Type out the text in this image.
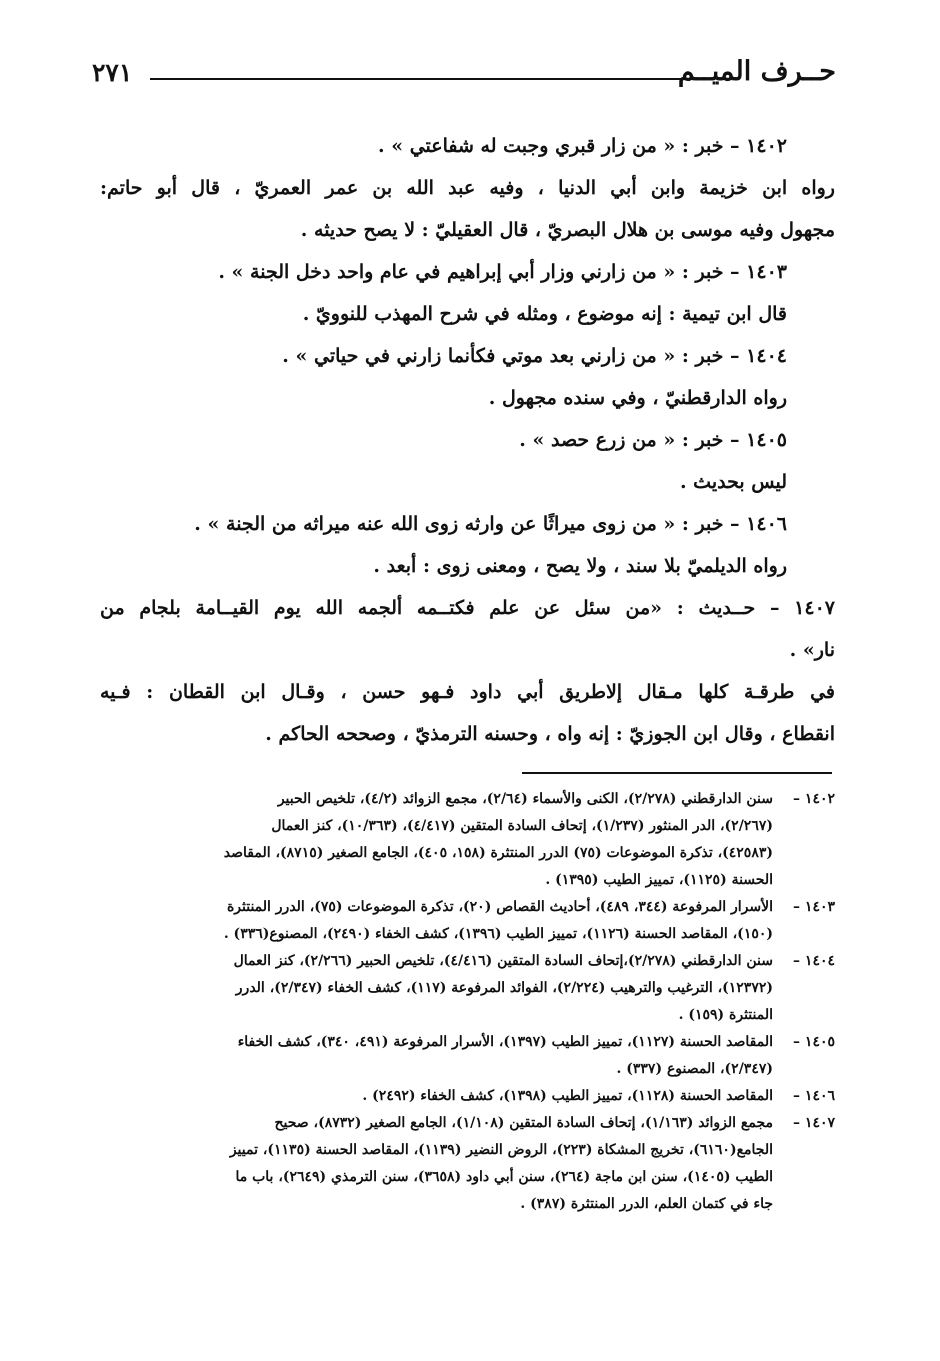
حــرف الميــم
٢٧١
١٤٠٢ – خبر : « من زار قبري وجبت له شفاعتي » .
رواه ابن خزيمة وابن أبي الدنيا ، وفيه عبد الله بن عمر العمريّ ، قال أبو حاتم:
مجهول وفيه موسى بن هلال البصريّ ، قال العقيليّ : لا يصح حديثه .
١٤٠٣ – خبر : « من زارني وزار أبي إبراهيم في عام واحد دخل الجنة » .
قال ابن تيمية : إنه موضوع ، ومثله في شرح المهذب للنوويّ .
١٤٠٤ – خبر : « من زارني بعد موتي فكأنما زارني في حياتي » .
رواه الدارقطنيّ ، وفي سنده مجهول .
١٤٠٥ – خبر : « من زرع حصد » .
ليس بحديث .
١٤٠٦ – خبر : « من زوى ميراثًا عن وارثه زوى الله عنه ميراثه من الجنة » .
رواه الديلميّ بلا سند ، ولا يصح ، ومعنى زوى : أبعد .
١٤٠٧ – حــديث : «من سئل عن علم فكتــمه ألجمه الله يوم القيــامة بلجام من
نار» .
في طرقـة كلها مـقال إلاطريق أبي داود فـهو حسن ، وقـال ابن القطان : فـيه
انقطاع ، وقال ابن الجوزيّ : إنه واه ، وحسنه الترمذيّ ، وصححه الحاكم .
١٤٠٢ –
سنن الدارقطني (٢/٢٧٨)، الكنى والأسماء (٢/٦٤)، مجمع الزوائد (٤/٢)، تلخيص الحبير
(٢/٢٦٧)، الدر المنثور (١/٢٣٧)، إتحاف السادة المتقين (٤/٤١٧)، (١٠/٣٦٣)، كنز العمال
(٤٢٥٨٣)، تذكرة الموضوعات (٧٥) الدرر المنتثرة (١٥٨، ٤٠٥)، الجامع الصغير (٨٧١٥)، المقاصد
الحسنة (١١٢٥)، تمييز الطيب (١٣٩٥) .
١٤٠٣ –
الأسرار المرفوعة (٣٤٤، ٤٨٩)، أحاديث القصاص (٢٠)، تذكرة الموضوعات (٧٥)، الدرر المنتثرة
(١٥٠)، المقاصد الحسنة (١١٢٦)، تمييز الطيب (١٣٩٦)، كشف الخفاء (٢٤٩٠)، المصنوع(٣٣٦) .
١٤٠٤ –
سنن الدارقطني (٢/٢٧٨)،إتحاف السادة المتقين (٤/٤١٦)، تلخيص الحبير (٢/٢٦٦)، كنز العمال
(١٢٣٧٢)، الترغيب والترهيب (٢/٢٢٤)، الفوائد المرفوعة (١١٧)، كشف الخفاء (٢/٣٤٧)، الدرر
المنتثرة (١٥٩) .
١٤٠٥ –
المقاصد الحسنة (١١٢٧)، تمييز الطيب (١٣٩٧)، الأسرار المرفوعة (٤٩١، ٣٤٠)، كشف الخفاء
(٢/٣٤٧)، المصنوع (٣٣٧) .
١٤٠٦ –
المقاصد الحسنة (١١٢٨)، تمييز الطيب (١٣٩٨)، كشف الخفاء (٢٤٩٢) .
١٤٠٧ –
مجمع الزوائد (١/١٦٣)، إتحاف السادة المتقين (١/١٠٨)، الجامع الصغير (٨٧٣٢)، صحيح
الجامع(٦١٦٠)، تخريج المشكاة (٢٢٣)، الروض النضير (١١٣٩)، المقاصد الحسنة (١١٣٥)، تمييز
الطيب (١٤٠٥)، سنن ابن ماجة (٢٦٤)، سنن أبي داود (٣٦٥٨)، سنن الترمذي (٢٦٤٩)، باب ما
جاء في كتمان العلم، الدرر المنتثرة (٣٨٧) .
